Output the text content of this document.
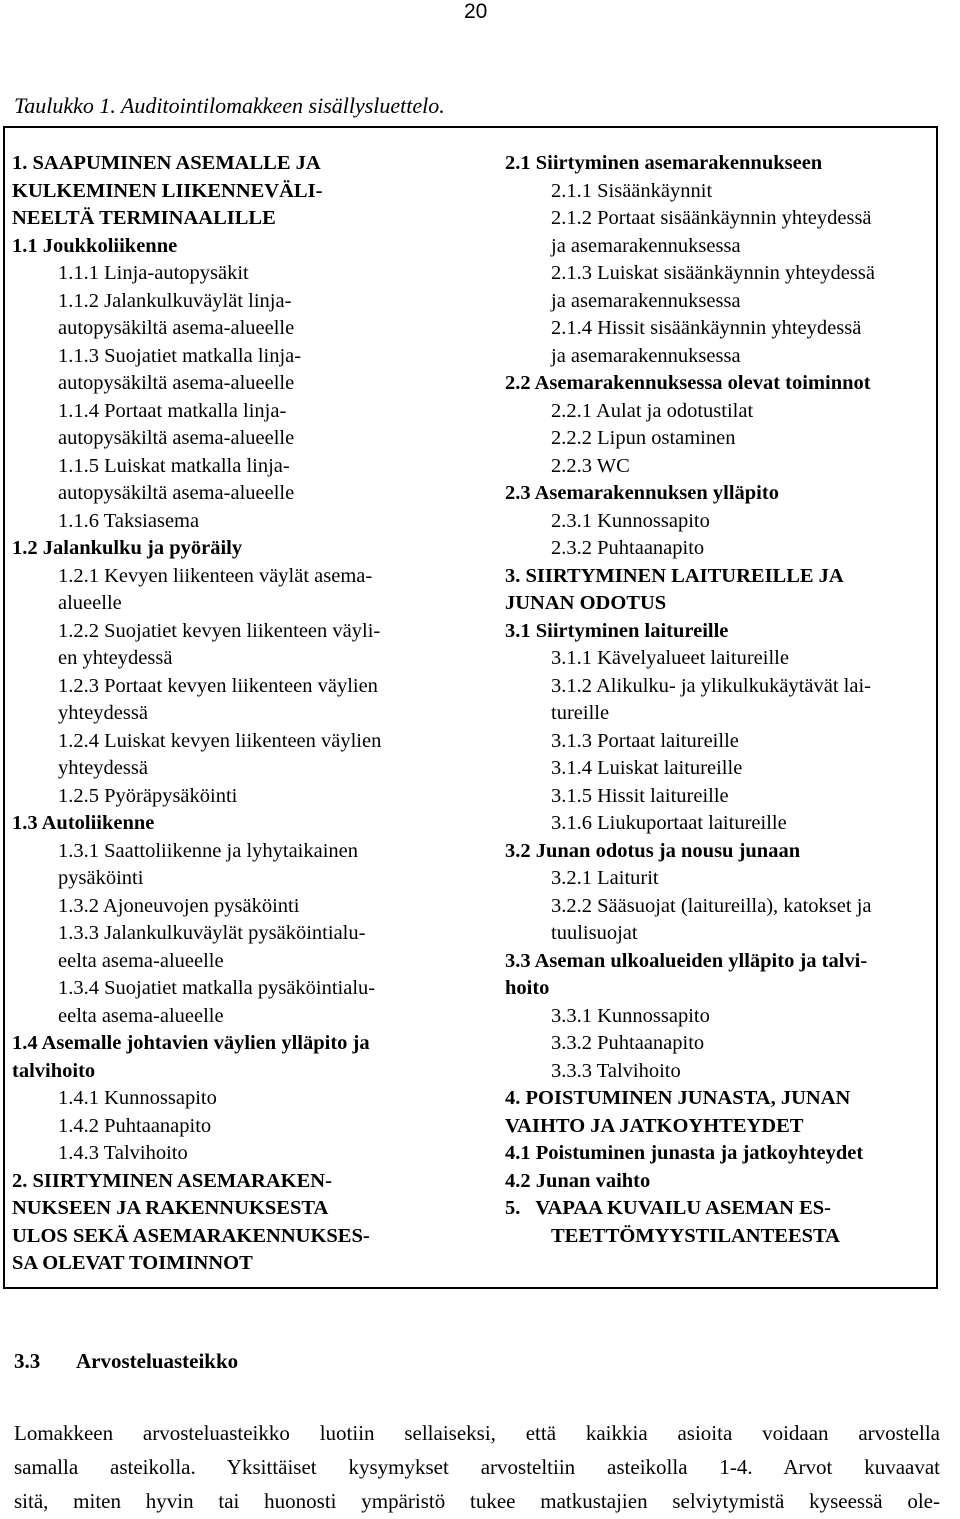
20
Taulukko 1. Auditointilomakkeen sisällysluettelo.
1. SAAPUMINEN ASEMALLE JA
KULKEMINEN LIIKENNEVÄLI-
NEELTÄ TERMINAALILLE
1.1 Joukkoliikenne
1.1.1 Linja-autopysäkit
1.1.2 Jalankulkuväylät linja-
autopysäkiltä asema-alueelle
1.1.3 Suojatiet matkalla linja-
autopysäkiltä asema-alueelle
1.1.4 Portaat matkalla linja-
autopysäkiltä asema-alueelle
1.1.5 Luiskat matkalla linja-
autopysäkiltä asema-alueelle
1.1.6 Taksiasema
1.2 Jalankulku ja pyöräily
1.2.1 Kevyen liikenteen väylät asema-
alueelle
1.2.2 Suojatiet kevyen liikenteen väyli-
en yhteydessä
1.2.3 Portaat kevyen liikenteen väylien
yhteydessä
1.2.4 Luiskat kevyen liikenteen väylien
yhteydessä
1.2.5 Pyöräpysäköinti
1.3 Autoliikenne
1.3.1 Saattoliikenne ja lyhytaikainen
pysäköinti
1.3.2 Ajoneuvojen pysäköinti
1.3.3 Jalankulkuväylät pysäköintialu-
eelta asema-alueelle
1.3.4 Suojatiet matkalla pysäköintialu-
eelta asema-alueelle
1.4 Asemalle johtavien väylien ylläpito ja
talvihoito
1.4.1 Kunnossapito
1.4.2 Puhtaanapito
1.4.3 Talvihoito
2. SIIRTYMINEN ASEMARAKEN-
NUKSEEN JA RAKENNUKSESTA
ULOS SEKÄ ASEMARAKENNUKSES-
SA OLEVAT TOIMINNOT
2.1 Siirtyminen asemarakennukseen
2.1.1 Sisäänkäynnit
2.1.2 Portaat sisäänkäynnin yhteydessä
ja asemarakennuksessa
2.1.3 Luiskat sisäänkäynnin yhteydessä
ja asemarakennuksessa
2.1.4 Hissit sisäänkäynnin yhteydessä
ja asemarakennuksessa
2.2 Asemarakennuksessa olevat toiminnot
2.2.1 Aulat ja odotustilat
2.2.2 Lipun ostaminen
2.2.3 WC
2.3 Asemarakennuksen ylläpito
2.3.1 Kunnossapito
2.3.2 Puhtaanapito
3. SIIRTYMINEN LAITUREILLE JA
JUNAN ODOTUS
3.1 Siirtyminen laitureille
3.1.1 Kävelyalueet laitureille
3.1.2 Alikulku- ja ylikulkukäytävät lai-
tureille
3.1.3 Portaat laitureille
3.1.4 Luiskat laitureille
3.1.5 Hissit laitureille
3.1.6 Liukuportaat laitureille
3.2 Junan odotus ja nousu junaan
3.2.1 Laiturit
3.2.2 Sääsuojat (laitureilla), katokset ja
tuulisuojat
3.3 Aseman ulkoalueiden ylläpito ja talvi-
hoito
3.3.1 Kunnossapito
3.3.2 Puhtaanapito
3.3.3 Talvihoito
4. POISTUMINEN JUNASTA, JUNAN
VAIHTO JA JATKOYHTEYDET
4.1 Poistuminen junasta ja jatkoyhteydet
4.2 Junan vaihto
5.   VAPAA KUVAILU ASEMAN ES-
TEETTÖMYYSTILANTEESTA
3.3 Arvosteluasteikko
Lomakkeen arvosteluasteikko luotiin sellaiseksi, että kaikkia asioita voidaan arvostella
samalla asteikolla. Yksittäiset kysymykset arvosteltiin asteikolla 1-4. Arvot kuvaavat
sitä, miten hyvin tai huonosti ympäristö tukee matkustajien selviytymistä kyseessä ole-
